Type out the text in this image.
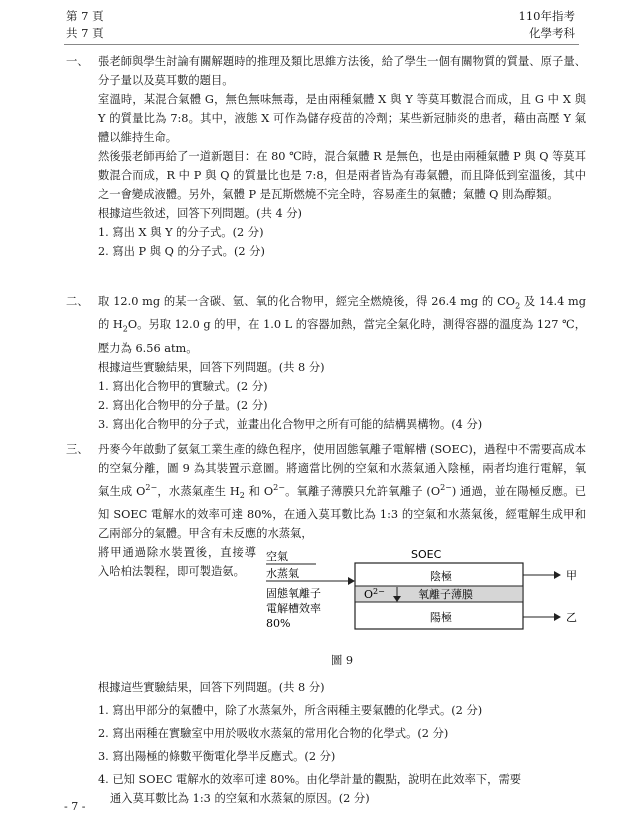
第 7 頁
共 7 頁
110年指考
化學考科
一、 張老師與學生討論有關解題時的推理及類比思維方法後，給了學生一個有關物質的質量、原子量、分子量以及莫耳數的題目。

室溫時，某混合氣體 G，無色無味無毒，是由兩種氣體 X 與 Y 等莫耳數混合而成，且 G 中 X 與 Y 的質量比為 7:8。其中，液態 X 可作為儲存疫苗的冷劑；某些新冠肺炎的患者，藉由高壓 Y 氣體以維持生命。

然後張老師再給了一道新題目：在 80 ℃時，混合氣體 R 是無色，也是由兩種氣體 P 與 Q 等莫耳數混合而成，R 中 P 與 Q 的質量比也是 7:8，但是兩者皆為有毒氣體，而且降低到室溫後，其中之一會變成液體。另外，氣體 P 是瓦斯燃燒不完全時，容易產生的氣體；氣體 Q 則為醇類。

根據這些敘述，回答下列問題。(共 4 分)

1. 寫出 X 與 Y 的分子式。(2 分)

2. 寫出 P 與 Q 的分子式。(2 分)

二、 取 12.0 mg 的某一含碳、氫、氧的化合物甲，經完全燃燒後，得 26.4 mg 的 $CO_2$ 及 14.4 mg 的 $H_2O$。另取 12.0 g 的甲，在 1.0 L 的容器加熱，當完全氣化時，測得容器的溫度為 127 ℃，壓力為 6.56 atm。

根據這些實驗結果，回答下列問題。(共 8 分)

1. 寫出化合物甲的實驗式。(2 分)

2. 寫出化合物甲的分子量。(2 分)

3. 寫出化合物甲的分子式，並畫出化合物甲之所有可能的結構異構物。(4 分)

三、 丹麥今年啟動了氨氣工業生產的綠色程序，使用固態氧離子電解槽 (SOEC)，過程中不需要高成本的空氣分離，圖 9 為其裝置示意圖。將適當比例的空氣和水蒸氣通入陰極，兩者均進行電解，氧氣生成 $O^{2-}$，水蒸氣產生 $H_2$ 和 $O^{2-}$。氧離子薄膜只允許氧離子 $(O^{2-})$ 通過，並在陽極反應。已知 SOEC 電解水的效率可達 80%，在通入莫耳數比為 1:3 的空氣和水蒸氣後，經電解生成甲和乙兩部分的氣體。甲含有未反應的水蒸氣，

將甲通過除水裝置後，直接導入哈柏法製程，即可製造氨。
SOEC
空氣
水蒸氣
固態氧離子
電解槽效率
80%
陰極
氧離子薄膜
陽極
$O^{2-}$
甲
乙
圖 9

根據這些實驗結果，回答下列問題。(共 8 分)

1. 寫出甲部分的氣體中，除了水蒸氣外，所含兩種主要氣體的化學式。(2 分)

2. 寫出兩種在實驗室中用於吸收水蒸氣的常用化合物的化學式。(2 分)

3. 寫出陽極的條數平衡電化學半反應式。(2 分)

4. 已知 SOEC 電解水的效率可達 80%。由化學計量的觀點，說明在此效率下，需要

通入莫耳數比為 1:3 的空氣和水蒸氣的原因。(2 分)

- 7 -
